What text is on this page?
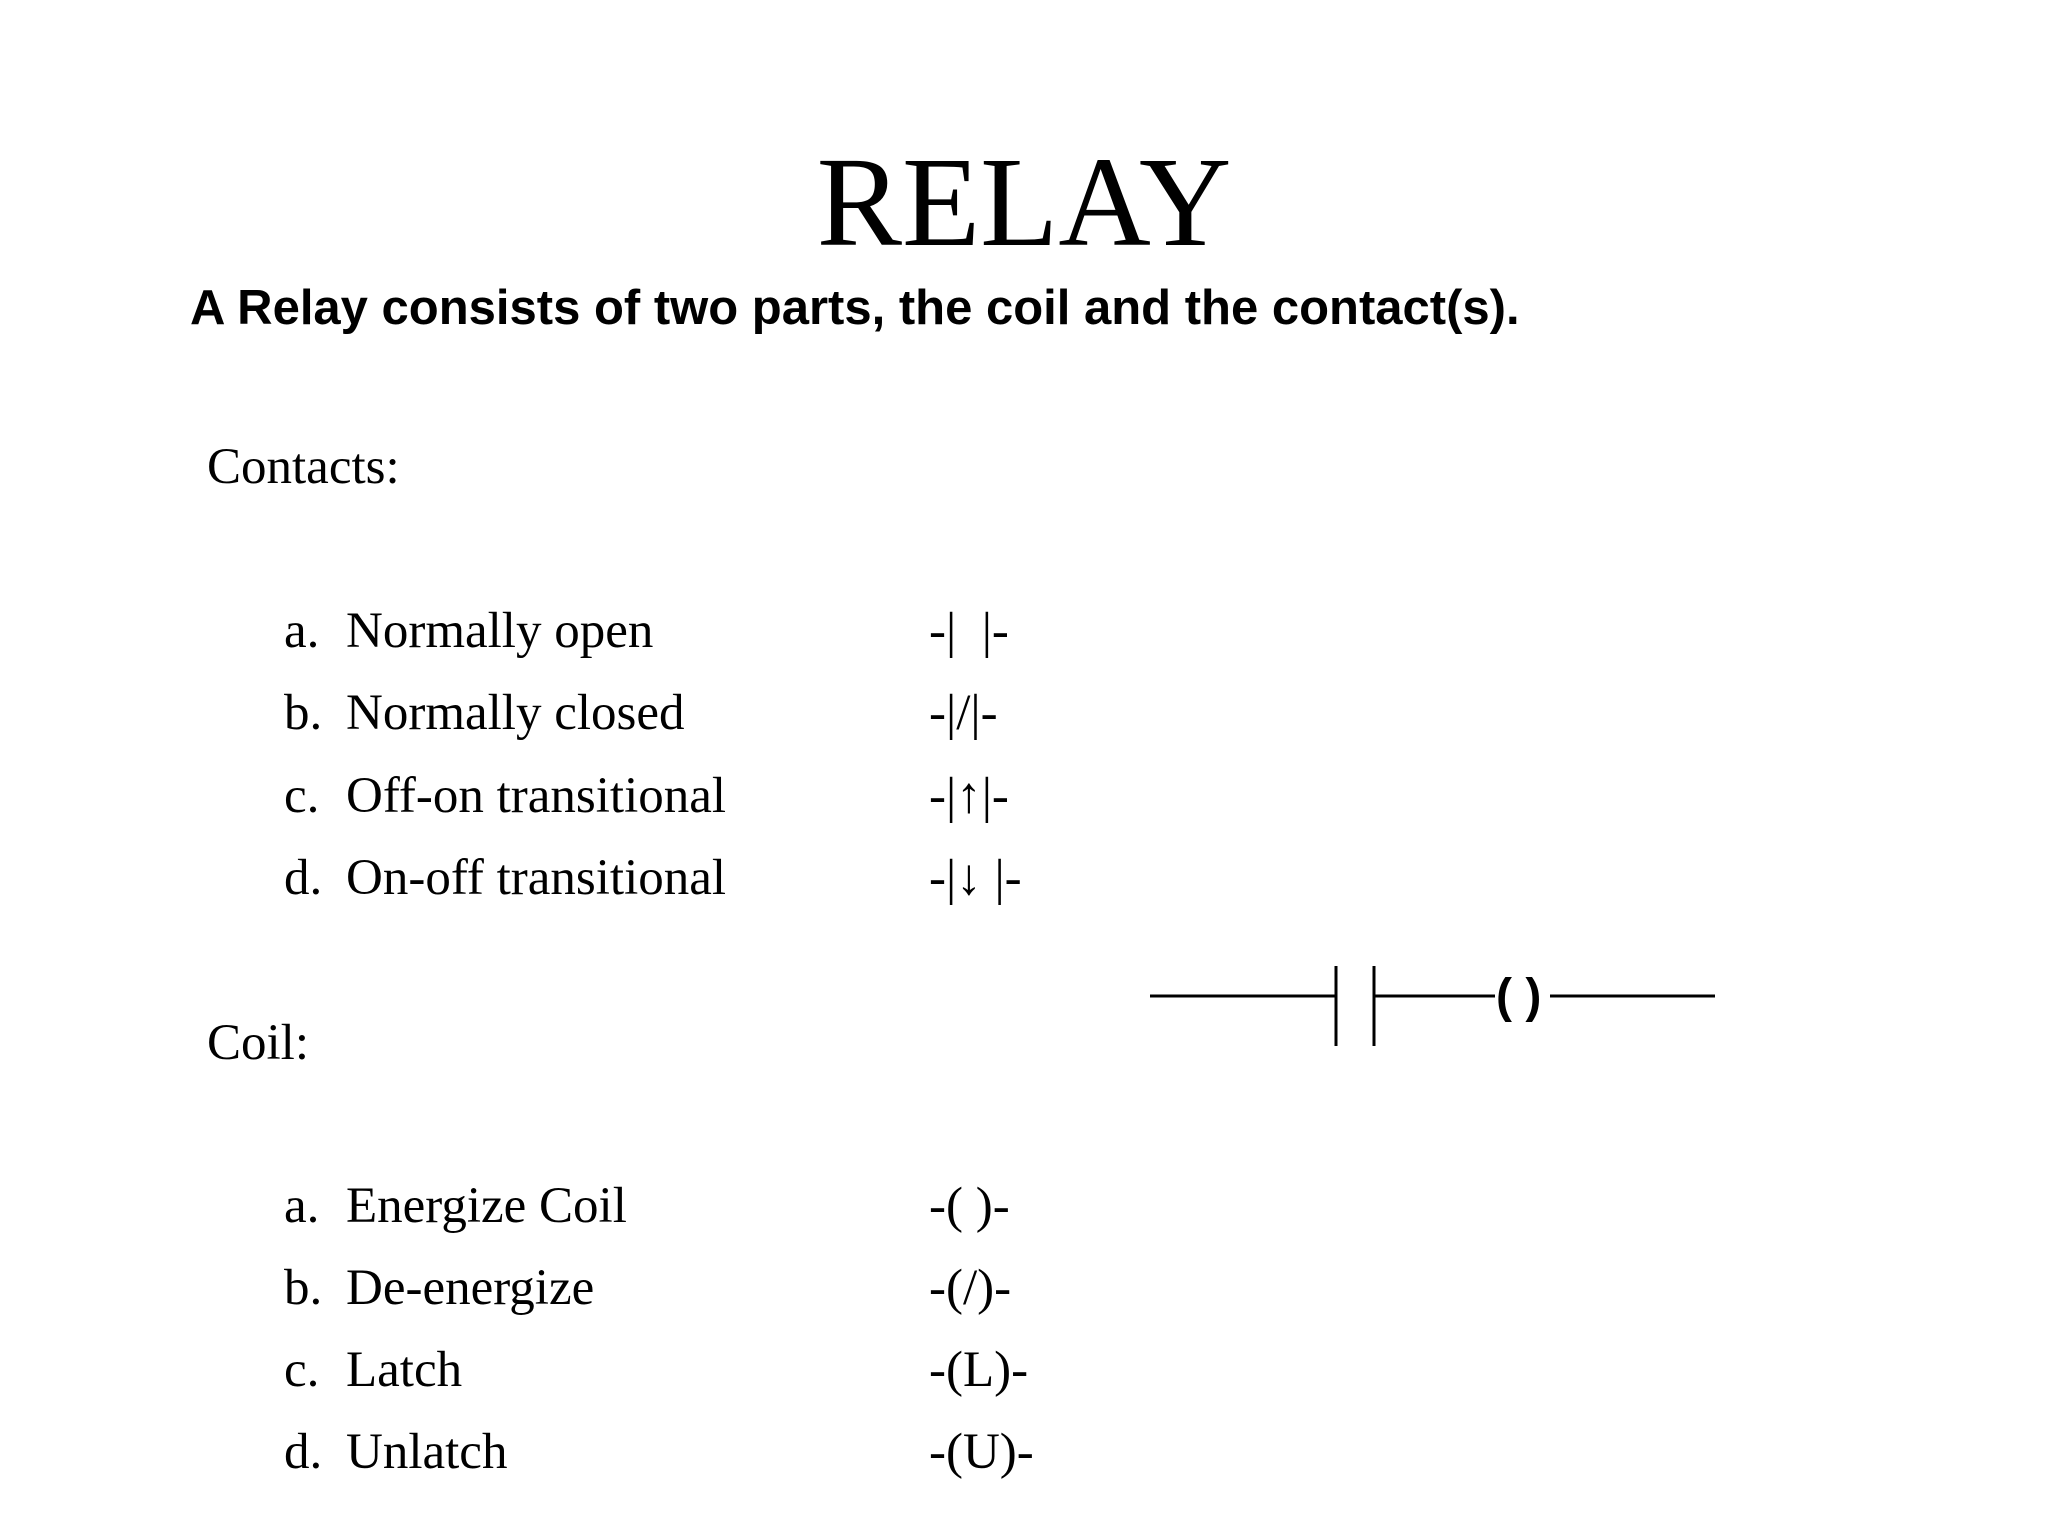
RELAY
A Relay consists of two parts, the coil and the contact(s).
Contacts:
a. Normally open	-|  |-
b. Normally closed	-|/|-
c. Off-on transitional	-|↑|-
d. On-off transitional	-|↓ |-
Coil:
a. Energize Coil	-( )-
b. De-energize	-(/)-
c. Latch	-(L)-
d. Unlatch	-(U)-
( )
